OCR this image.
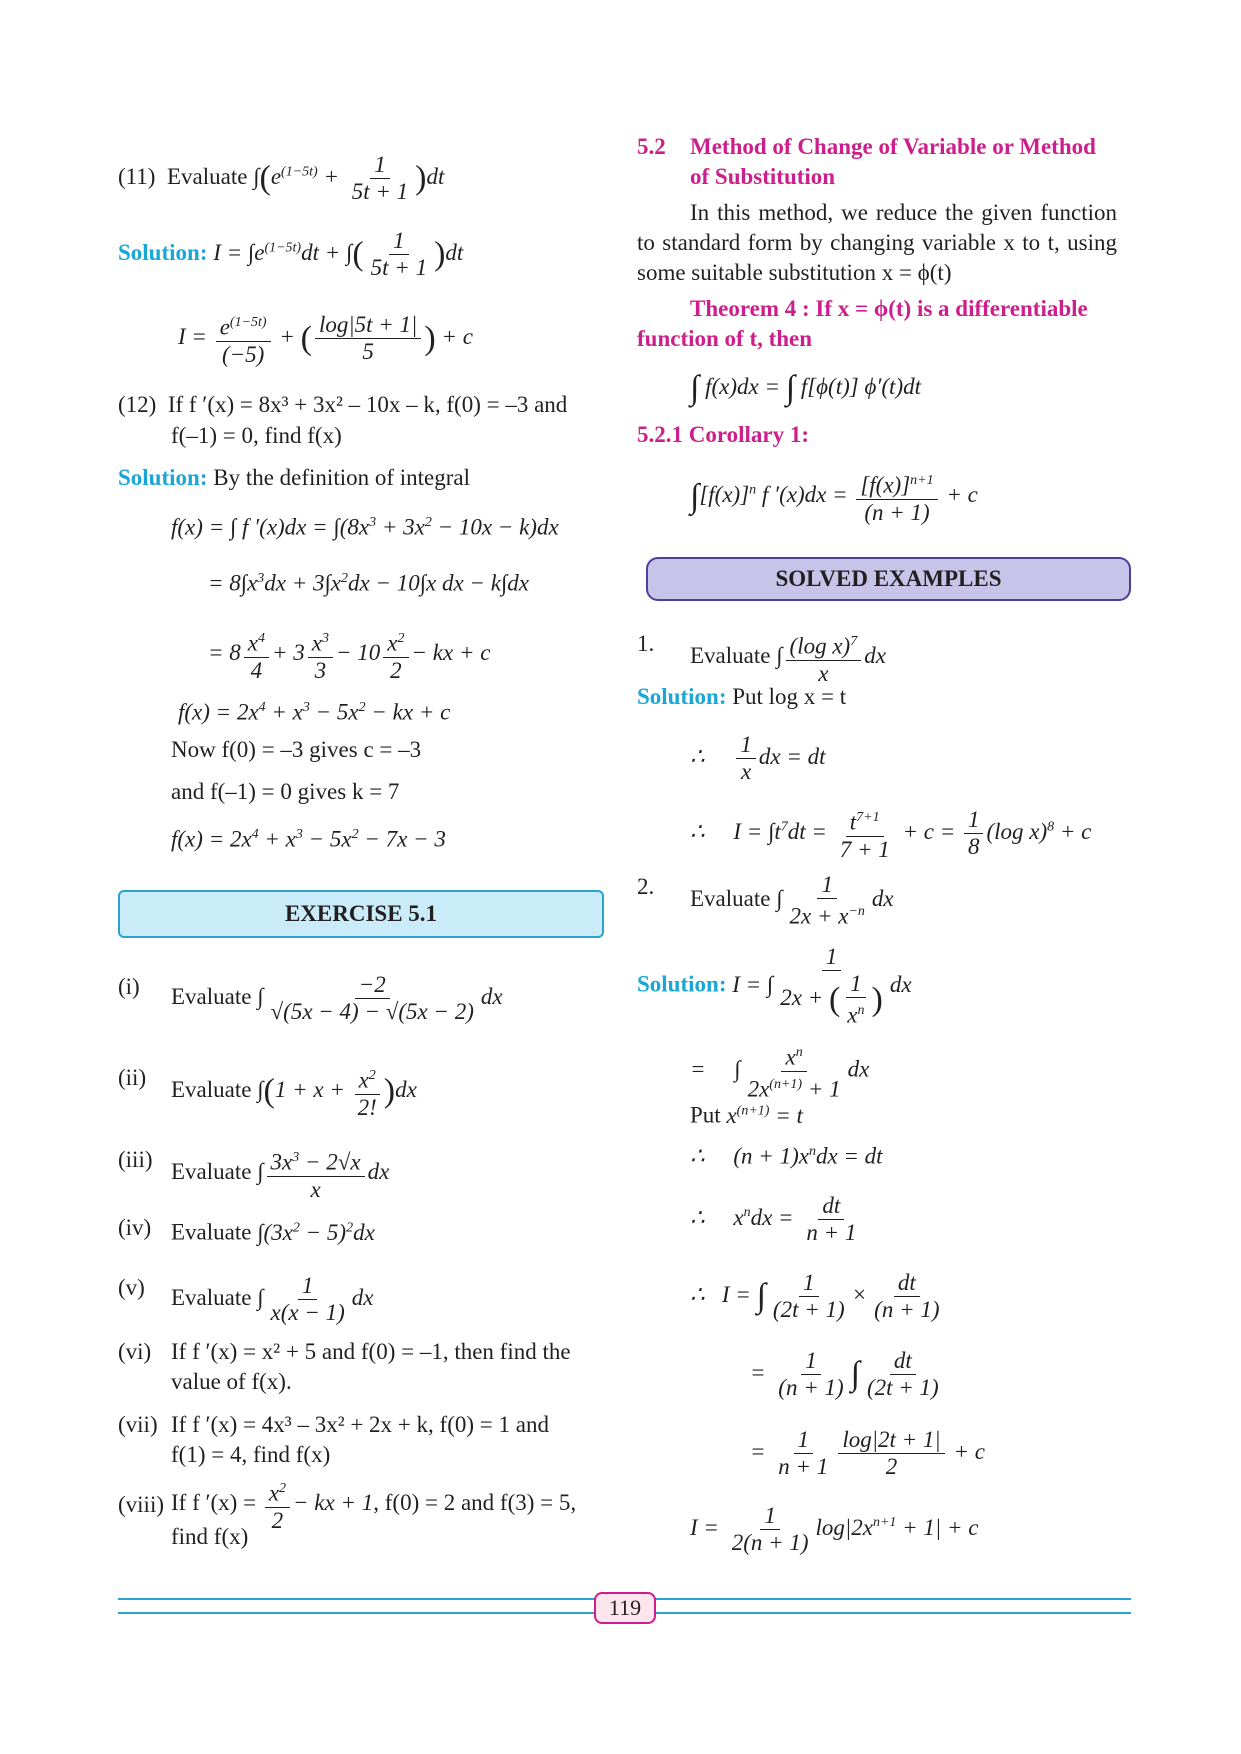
(11) Evaluate $\int(e^{(1-5t)} + \frac{1}{5t + 1} )dt$
Solution: $I = \int e^{(1-5t)}dt$ + ∫( $\frac{1}{5t + 1} )dt$
$I = \frac{e^{(1-5t)}}{(-5)}$ + ( $\frac{\log|5t + 1|}{5}$ ) + c
(12) If f ′(x) = 8x³ + 3x² – 10x – k, f(0) = –3 and
f(–1) = 0, find f(x)
Solution: By the definition of integral
f(x) = ∫ f $'(x)dx = \int(8x^3 + 3x^2 - 10x - k)dx$
= $8\int x^3dx + 3\int x^2dx - 10\int x$ dx − k∫dx
= $8 \frac{x^4}{4} + 3 \frac{x^3}{3} - 10 \frac{x^2}{2}$ − kx + c
$f(x) = 2x^4 + x^3 - 5x^2$ − kx + c
Now f(0) = –3 gives c = –3
and f(–1) = 0 gives k = 7
$f(x) = 2x^4 + x^3 - 5x^2 - 7x - 3$
EXERCISE 5.1
(i) Evaluate ∫ $\frac{-2}{√(5x - 4) - √(5x - 2)}$ dx
(ii) Evaluate $\int(1 + x + \frac{x^2}{2!} )dx$
(iii) Evaluate ∫ $\frac{3x^3 - 2√x}{x}$ dx
(iv) Evaluate $\int(3x^2 - 5)^2dx$
(v) Evaluate ∫ $\frac{1}{x(x - 1)}$ dx
(vi) If f ′(x) = x² + 5 and f(0) = –1, then find the
value of f(x).
(vii) If f ′(x) = 4x³ – 3x² + 2x + k, f(0) = 1 and
f(1) = 4, find f(x)
(viii) If f $'(x) = \frac{x^2}{2}$ − kx + 1, f(0) = 2 and f(3) = 5,
find f(x)
5.2 Method of Change of Variable or Method
of Substitution
In this method, we reduce the given function to standard form by changing variable x to t, using some suitable substitution x = ϕ(t)
Theorem 4 : If x = ϕ(t) is a differentiable
function of t, then
∫ f(x)dx = ∫ f[ϕ(t)] ϕ′(t)dt
5.2.1 Corollary 1:
$\int[f(x)]^n$ f $'(x)dx = \frac{[f(x)]^{n+1}}{(n + 1)} + c$
SOLVED EXAMPLES
1. Evaluate ∫ $\frac{(\log x)^7}{x}$ dx
Solution: Put log x = t
∴ $\frac{1}{x}$ dx = dt
∴     $I = \int t^7dt = \frac{t^{7+1}}{7 + 1} + c = \frac{1}{8} (\log$ x)$^8$ + c
2. Evaluate ∫ $\frac{1}{2x + x^{-n}}$ dx
Solution: I = ∫ $\frac{1}{2x + ( \frac{1}{x^n} )}$ dx
=     ∫ $\frac{x^n}{2x^{(n+1)} + 1}$ dx
Put $x^{(n+1)} = t$
∴     $(n + 1)x^ndx$ = dt
∴     $x^ndx = \frac{dt}{n + 1}$
∴   I = ∫ $\frac{1}{(2t + 1)} \times \frac{dt}{(n + 1)}$
= $\frac{1}{(n + 1)}$ ∫ $\frac{dt}{(2t + 1)}$
= $\frac{1}{n + 1} \frac{\log|2t + 1|}{2} + c$
$I = \frac{1}{2(n + 1)} \log|2x^{n+1} + 1| + c$
119
